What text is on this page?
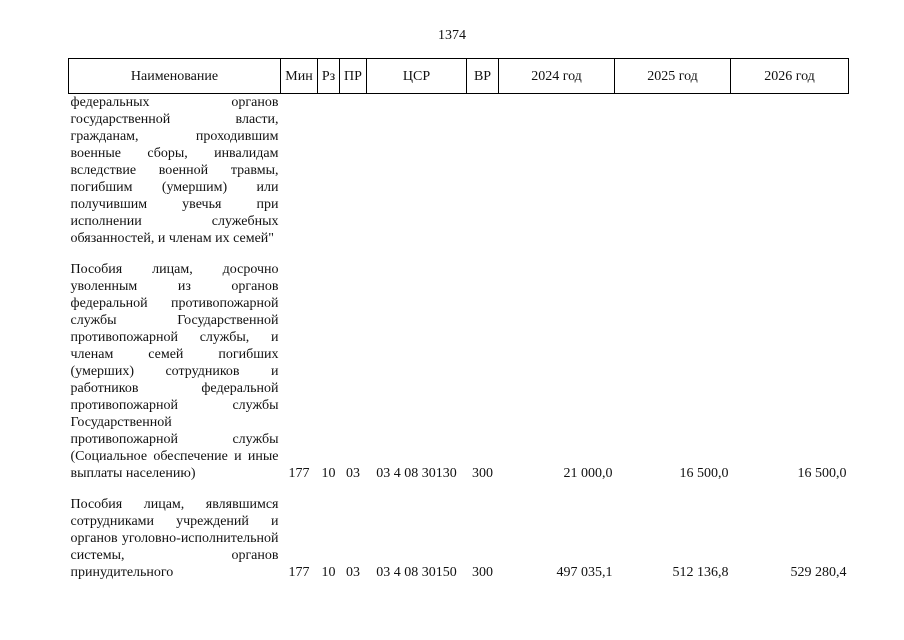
1374
Наименование	Мин	Рз	ПР	ЦСР	ВР	2024 год	2025 год	2026 год
федеральных органов государственной власти, гражданам, проходившим военные сборы, инвалидам вследствие военной травмы, погибшим (умершим) или получившим увечья при исполнении служебных обязанностей, и членам их семей"								
Пособия лицам, досрочно уволенным из органов федеральной противопожарной службы Государственной противопожарной службы, и членам семей погибших (умерших) сотрудников и работников федеральной противопожарной службы Государственной противопожарной службы (Социальное обеспечение и иные выплаты населению)	177	10	03	03 4 08 30130	300	21 000,0	16 500,0	16 500,0
Пособия лицам, являвшимся сотрудниками учреждений и органов уголовно-исполнительной системы, органов принудительного	177	10	03	03 4 08 30150	300	497 035,1	512 136,8	529 280,4
